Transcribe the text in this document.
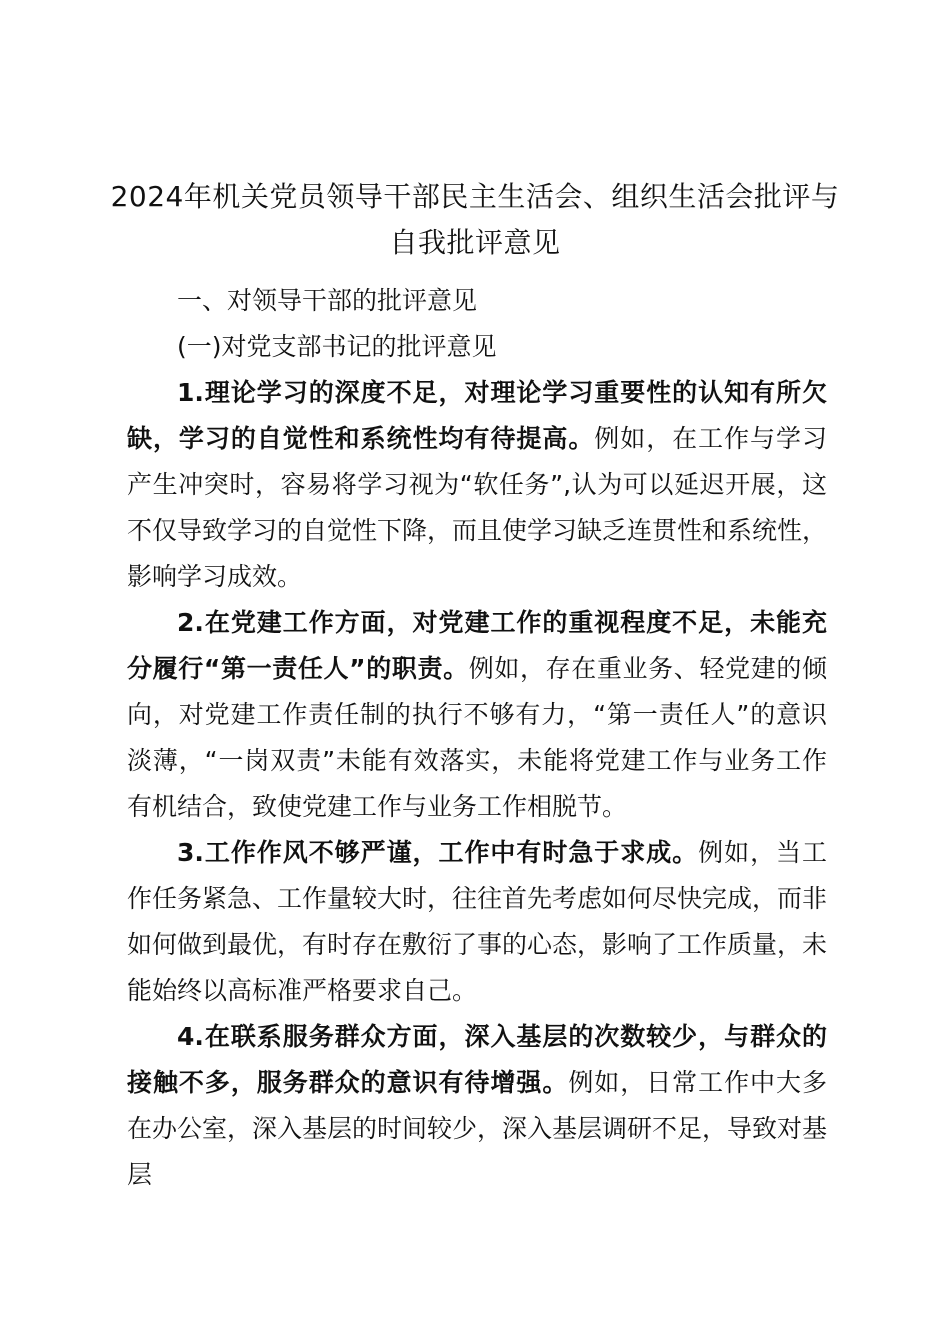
2024年机关党员领导干部民主生活会、组织生活会批评与自我批评意见
一、对领导干部的批评意见
(一)对党支部书记的批评意见
1.理论学习的深度不足，对理论学习重要性的认知有所欠缺，学习的自觉性和系统性均有待提高。例如，在工作与学习产生冲突时，容易将学习视为“软任务”,认为可以延迟开展，这不仅导致学习的自觉性下降，而且使学习缺乏连贯性和系统性，影响学习成效。
2.在党建工作方面，对党建工作的重视程度不足，未能充分履行“第一责任人”的职责。例如，存在重业务、轻党建的倾向，对党建工作责任制的执行不够有力，“第一责任人”的意识淡薄，“一岗双责”未能有效落实，未能将党建工作与业务工作有机结合，致使党建工作与业务工作相脱节。
3.工作作风不够严谨，工作中有时急于求成。例如，当工作任务紧急、工作量较大时，往往首先考虑如何尽快完成，而非如何做到最优，有时存在敷衍了事的心态，影响了工作质量，未能始终以高标准严格要求自己。
4.在联系服务群众方面，深入基层的次数较少，与群众的接触不多，服务群众的意识有待增强。例如，日常工作中大多在办公室，深入基层的时间较少，深入基层调研不足，导致对基层
